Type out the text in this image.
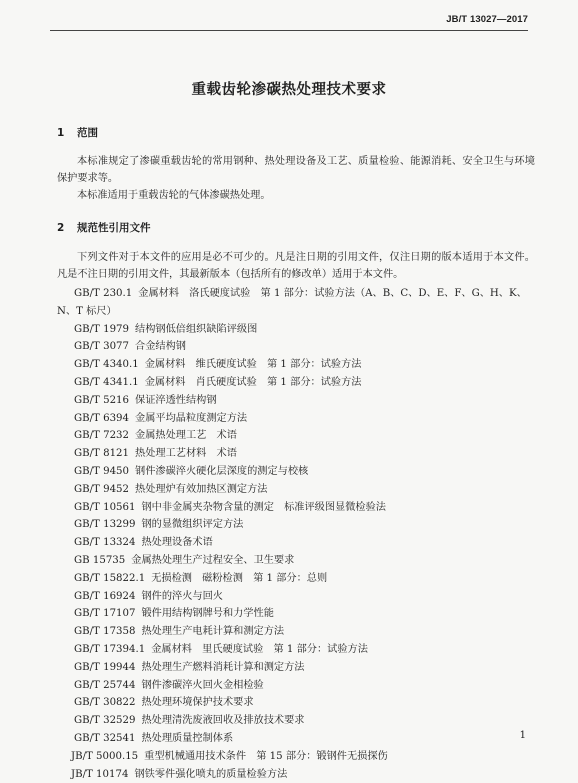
JB/T 13027—2017
重载齿轮渗碳热处理技术要求
1 范围
本标准规定了渗碳重载齿轮的常用钢种、热处理设备及工艺、质量检验、能源消耗、安全卫生与环境保护要求等。
本标准适用于重载齿轮的气体渗碳热处理。
2 规范性引用文件
下列文件对于本文件的应用是必不可少的。凡是注日期的引用文件，仅注日期的版本适用于本文件。凡是不注日期的引用文件，其最新版本（包括所有的修改单）适用于本文件。
GB/T 230.1 金属材料　洛氏硬度试验　第 1 部分：试验方法（A、B、C、D、E、F、G、H、K、
N、T 标尺）
GB/T 1979 结构钢低倍组织缺陷评级图
GB/T 3077 合金结构钢
GB/T 4340.1 金属材料　维氏硬度试验　第 1 部分：试验方法
GB/T 4341.1 金属材料　肖氏硬度试验　第 1 部分：试验方法
GB/T 5216 保证淬透性结构钢
GB/T 6394 金属平均晶粒度测定方法
GB/T 7232 金属热处理工艺　术语
GB/T 8121 热处理工艺材料　术语
GB/T 9450 钢件渗碳淬火硬化层深度的测定与校核
GB/T 9452 热处理炉有效加热区测定方法
GB/T 10561 钢中非金属夹杂物含量的测定　标准评级图显微检验法
GB/T 13299 钢的显微组织评定方法
GB/T 13324 热处理设备术语
GB 15735 金属热处理生产过程安全、卫生要求
GB/T 15822.1 无损检测　磁粉检测　第 1 部分：总则
GB/T 16924 钢件的淬火与回火
GB/T 17107 锻件用结构钢牌号和力学性能
GB/T 17358 热处理生产电耗计算和测定方法
GB/T 17394.1 金属材料　里氏硬度试验　第 1 部分：试验方法
GB/T 19944 热处理生产燃料消耗计算和测定方法
GB/T 25744 钢件渗碳淬火回火金相检验
GB/T 30822 热处理环境保护技术要求
GB/T 32529 热处理清洗废液回收及排放技术要求
GB/T 32541 热处理质量控制体系
JB/T 5000.15 重型机械通用技术条件　第 15 部分：锻钢件无损探伤
JB/T 10174 钢铁零件强化喷丸的质量检验方法
1
